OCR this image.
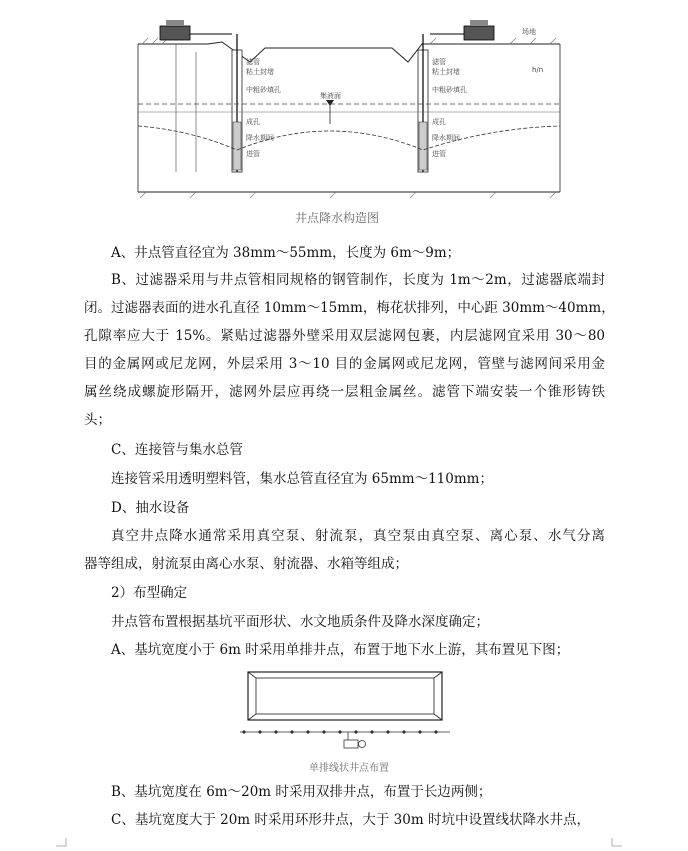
集液面
滤管
粘土封堵
中粗砂填孔
成孔
降水期间
进管
滤管
粘土封堵
中粗砂填孔
成孔
降水期间
进管
场地
h/n
井点降水构造图
A、井点管直径宜为 38mm～55mm，长度为 6m～9m；
B、过滤器采用与井点管相同规格的钢管制作，长度为 1m～2m，过滤器底端封
闭。过滤器表面的进水孔直径 10mm～15mm，梅花状排列，中心距 30mm～40mm，
孔隙率应大于 15%。紧贴过滤器外壁采用双层滤网包裹，内层滤网宜采用 30～80
目的金属网或尼龙网，外层采用 3～10 目的金属网或尼龙网，管壁与滤网间采用金
属丝绕成螺旋形隔开，滤网外层应再绕一层粗金属丝。滤管下端安装一个锥形铸铁
头；
C、连接管与集水总管
连接管采用透明塑料管，集水总管直径宜为 65mm～110mm；
D、抽水设备
真空井点降水通常采用真空泵、射流泵，真空泵由真空泵、离心泵、水气分离
器等组成，射流泵由离心水泵、射流器、水箱等组成；
2）布型确定
井点管布置根据基坑平面形状、水文地质条件及降水深度确定；
A、基坑宽度小于 6m 时采用单排井点，布置于地下水上游，其布置见下图；
单排线状井点布置
B、基坑宽度在 6m～20m 时采用双排井点，布置于长边两侧；
C、基坑宽度大于 20m 时采用环形井点，大于 30m 时坑中设置线状降水井点，
